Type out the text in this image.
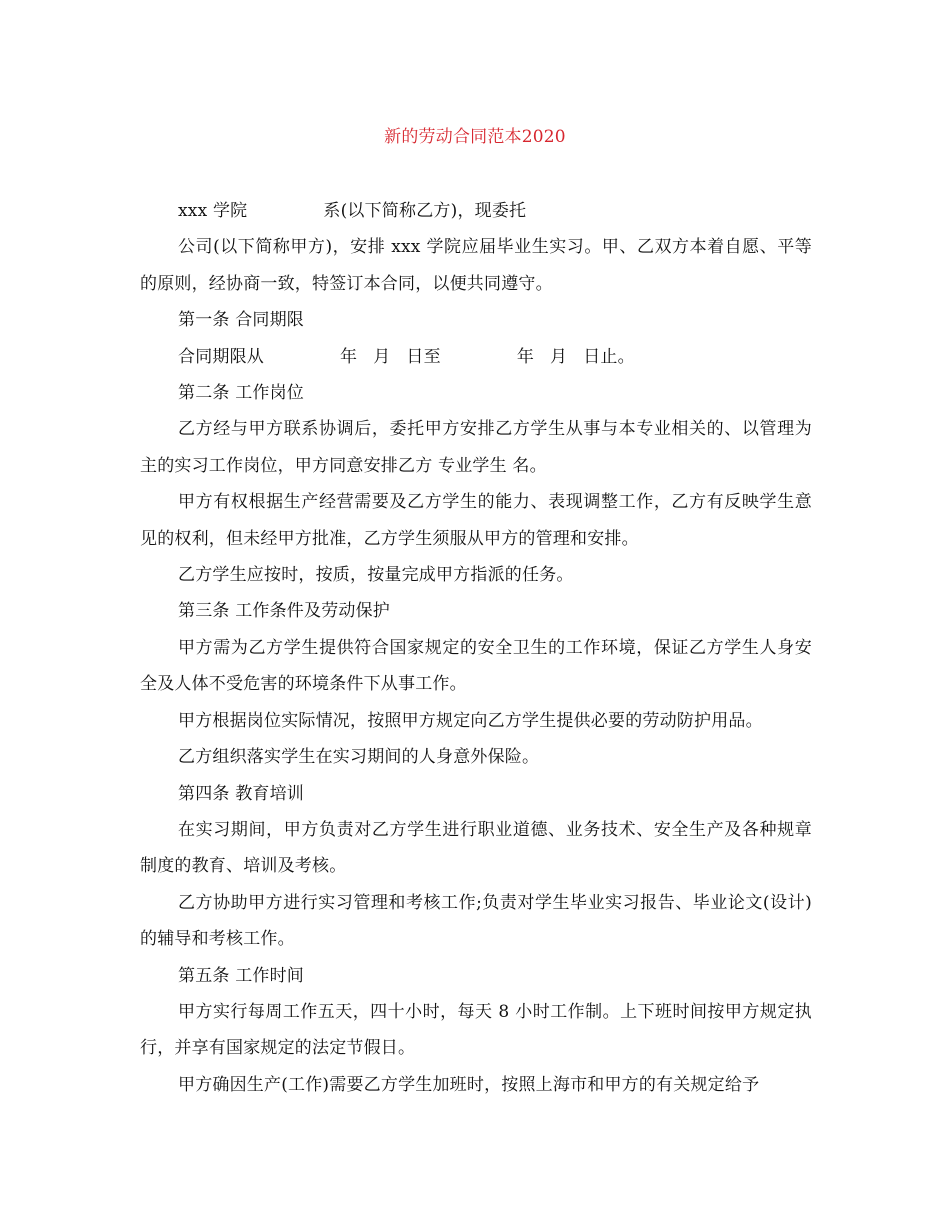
新的劳动合同范本2020

xxx 学院	系(以下简称乙方)，现委托

公司(以下简称甲方)，安排 xxx 学院应届毕业生实习。甲、乙双方本着自愿、平等的原则，经协商一致，特签订本合同，以便共同遵守。

第一条 合同期限

合同期限从	年 月 日至	年 月 日止。

第二条 工作岗位

乙方经与甲方联系协调后，委托甲方安排乙方学生从事与本专业相关的、以管理为主的实习工作岗位，甲方同意安排乙方 专业学生 名。

甲方有权根据生产经营需要及乙方学生的能力、表现调整工作，乙方有反映学生意见的权利，但未经甲方批准，乙方学生须服从甲方的管理和安排。

乙方学生应按时，按质，按量完成甲方指派的任务。

第三条 工作条件及劳动保护

甲方需为乙方学生提供符合国家规定的安全卫生的工作环境，保证乙方学生人身安全及人体不受危害的环境条件下从事工作。

甲方根据岗位实际情况，按照甲方规定向乙方学生提供必要的劳动防护用品。

乙方组织落实学生在实习期间的人身意外保险。

第四条 教育培训

在实习期间，甲方负责对乙方学生进行职业道德、业务技术、安全生产及各种规章制度的教育、培训及考核。

乙方协助甲方进行实习管理和考核工作;负责对学生毕业实习报告、毕业论文(设计)的辅导和考核工作。

第五条 工作时间

甲方实行每周工作五天，四十小时，每天 8 小时工作制。上下班时间按甲方规定执行，并享有国家规定的法定节假日。

甲方确因生产(工作)需要乙方学生加班时，按照上海市和甲方的有关规定给予
